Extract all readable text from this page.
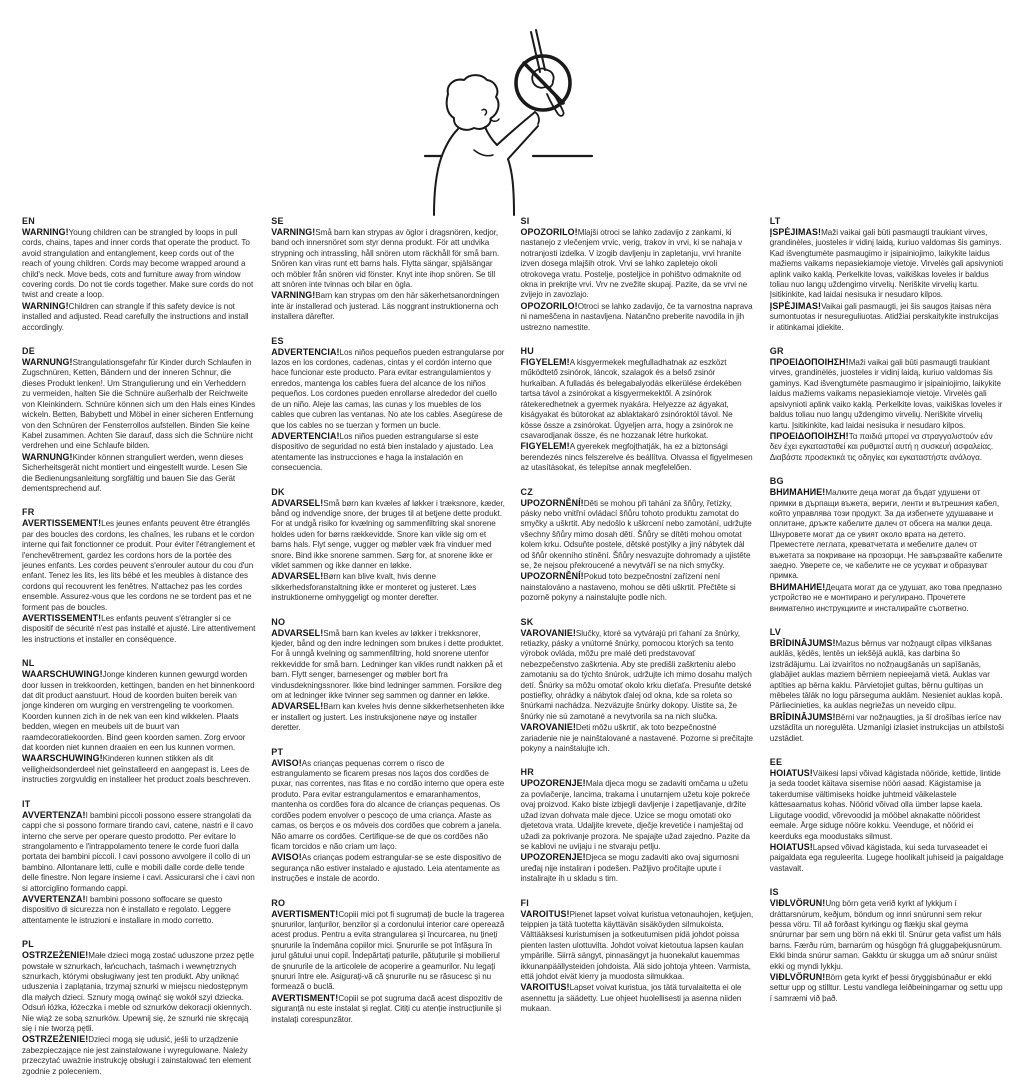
EN

WARNING!Young children can be strangled by loops in pull cords, chains, tapes and inner cords that operate the product. To avoid strangulation and entanglement, keep cords out of the reach of young children. Cords may become wrapped around a child's neck. Move beds, cots and furniture away from window covering cords. Do not tie cords together. Make sure cords do not twist and create a loop.

WARNING!Children can strangle if this safety device is not installed and adjusted. Read carefully the instructions and install accordingly.

DE

WARNUNG!Strangulationsgefahr für Kinder durch Schlaufen in Zugschnüren, Ketten, Bändern und der inneren Schnur, die dieses Produkt lenken!. Um Strangulierung und ein Verheddern zu vermeiden, halten Sie die Schnüre außerhalb der Reichweite von Kleinkindern. Schnüre können sich um den Hals eines Kindes wickeln. Betten, Babybett und Möbel in einer sicheren Entfernung von den Schnüren der Fensterrollos aufstellen. Binden Sie keine Kabel zusammen. Achten Sie darauf, dass sich die Schnüre nicht verdrehen und eine Schlaufe bilden.

WARNUNG!Kinder können stranguliert werden, wenn dieses Sicherheitsgerät nicht montiert und eingestellt wurde. Lesen Sie die Bedienungsanleitung sorgfältig und bauen Sie das Gerät dementsprechend auf.

FR

AVERTISSEMENT!Les jeunes enfants peuvent être étranglés par des boucles des cordons, les chaînes, les rubans et le cordon interne qui fait fonctionner ce produit. Pour éviter l'étranglement et l'enchevêtrement, gardez les cordons hors de la portée des jeunes enfants. Les cordes peuvent s'enrouler autour du cou d'un enfant. Tenez les lits, les lits bébé et les meubles à distance des cordons qui recouvrent les fenêtres. N'attachez pas les cordes ensemble. Assurez-vous que les cordons ne se tordent pas et ne forment pas de boucles.

AVERTISSEMENT!Les enfants peuvent s'étrangler si ce dispositif de sécurité n'est pas installé et ajusté. Lire attentivement les instructions et installer en conséquence.

NL

WAARSCHUWING!Jonge kinderen kunnen gewurgd worden door lussen in trekkoorden, kettingen, banden en het binnenkoord dat dit product aanstuurt. Houd de koorden buiten bereik van jonge kinderen om wurging en verstrengeling te voorkomen. Koorden kunnen zich in de nek van een kind wikkelen. Plaats bedden, wiegen en meubels uit de buurt van raamdecoratiekoorden. Bind geen koorden samen. Zorg ervoor dat koorden niet kunnen draaien en een lus kunnen vormen.

WAARSCHUWING!Kinderen kunnen stikken als dit veiligheidsonderdeel niet geïnstalleerd en aangepast is. Lees de instructies zorgvuldig en installeer het product zoals beschreven.

IT

AVVERTENZA!I bambini piccoli possono essere strangolati da cappi che si possono formare tirando cavi, catene, nastri e il cavo interno che serve per operare questo prodotto. Per evitare lo strangolamento e l'intrappolamento tenere le corde fuori dalla portata dei bambini piccoli. I cavi possono avvolgere il collo di un bambino. Allontanare letti, culle e mobili dalle corde delle tende delle finestre. Non legare insieme i cavi. Assicurarsi che i cavi non si attorciglino formando cappi.

AVVERTENZA!I bambini possono soffocare se questo dispositivo di sicurezza non è installato e regolato. Leggere attentamente le istruzioni e installare in modo corretto.

PL

OSTRZEŻENIE!Małe dzieci mogą zostać uduszone przez pętle powstałe w sznurkach, łańcuchach, taśmach i wewnętrznych sznurkach, którymi obsługiwany jest ten produkt. Aby uniknąć uduszenia i zaplątania, trzymaj sznurki w miejscu niedostępnym dla małych dzieci. Sznury mogą owinąć się wokół szyi dziecka. Odsuń łóżka, łóżeczka i meble od sznurków dekoracji okiennych. Nie wiąż ze sobą sznurków. Upewnij się, że sznurki nie skręcają się i nie tworzą pętli.

OSTRZEŻENIE!Dzieci mogą się udusić, jeśli to urządzenie zabezpieczające nie jest zainstalowane i wyregulowane. Należy przeczytać uważnie instrukcję obsługi i zainstalować ten element zgodnie z poleceniem.

SE

VARNING!Små barn kan strypas av öglor i dragsnören, kedjor, band och innersnöret som styr denna produkt. För att undvika strypning och intrassling, håll snören utom räckhåll för små barn. Snören kan viras runt ett barns hals. Flytta sängar, spjälsängar och möbler från snören vid fönster. Knyt inte ihop snören. Se till att snören inte tvinnas och bilar en ögla.

VARNING!Barn kan strypas om den här säkerhetsanordningen inte är installerad och justerad. Läs noggrant instruktionerna och installera därefter.

ES

ADVERTENCIA!Los niños pequeños pueden estrangularse por lazos en los cordones, cadenas, cintas y el cordón interno que hace funcionar este producto. Para evitar estrangulamientos y enredos, mantenga los cables fuera del alcance de los niños pequeños. Los cordones pueden enrollarse alrededor del cuello de un niño. Aleje las camas, las cunas y los muebles de los cables que cubren las ventanas. No ate los cables. Asegúrese de que los cables no se tuerzan y formen un bucle.

ADVERTENCIA!Los niños pueden estrangularse si este dispositivo de seguridad no está bien instalado y ajustado. Lea atentamente las instrucciones e haga la instalación en consecuencia.

DK

ADVARSEL!Små børn kan kvæles af løkker i træksnore, kæder, bånd og indvendige snore, der bruges til at betjene dette produkt. For at undgå risiko for kvælning og sammenfiltring skal snorene holdes uden for børns rækkevidde. Snore kan vikle sig om et barns hals. Flyt senge, vugger og møbler væk fra vinduer med snore. Bind ikke snorene sammen. Sørg for, at snorene ikke er viklet sammen og ikke danner en løkke.

ADVARSEL!Børn kan blive kvalt, hvis denne sikkerhedsforanstaltning ikke er monteret og justeret. Læs instruktionerne omhyggeligt og monter derefter.

NO

ADVARSEL!Små barn kan kveles av løkker i trekksnorer, kjeder, bånd og den indre ledningen som brukes i dette produktet. For å unngå kvelning og sammenfiltring, hold snorene utenfor rekkevidde for små barn. Ledninger kan vikles rundt nakken på et barn. Flytt senger, barnesenger og møbler bort fra vindusdekningssnorer. Ikke bind ledninger sammen. Forsikre deg om at ledninger ikke tvinner seg sammen og danner en løkke.

ADVARSEL!Barn kan kveles hvis denne sikkerhetsenheten ikke er installert og justert. Les instruksjonene nøye og installer deretter.

PT

AVISO!As crianças pequenas correm o risco de estrangulamento se ficarem presas nos laços dos cordões de puxar, nas correntes, nas fitas e no cordão interno que opera este produto. Para evitar estrangulamentos e emaranhamentos, mantenha os cordões fora do alcance de crianças pequenas. Os cordões podem envolver o pescoço de uma criança. Afaste as camas, os berços e os móveis dos cordões que cobrem a janela. Não amarre os cordões. Certifique-se de que os cordões não ficam torcidos e não criam um laço.

AVISO!As crianças podem estrangular-se se este dispositivo de segurança não estiver instalado e ajustado. Leia atentamente as instruções e instale de acordo.

RO

AVERTISMENT!Copiii mici pot fi sugrumați de bucle la tragerea șnururilor, lanțurilor, benzilor și a cordonului interior care operează acest produs. Pentru a evita strangularea și încurcarea, nu țineți șnururile la îndemâna copiilor mici. Șnururile se pot înfășura în jurul gâtului unui copil. Îndepărtați paturile, pătuțurile și mobilierul de șnururile de la articolele de acoperire a geamurilor. Nu legați șnururi între ele. Asigurați-vă că șnururile nu se răsucesc și nu formează o buclă.

AVERTISMENT!Copiii se pot sugruma dacă acest dispozitiv de siguranță nu este instalat și reglat. Citiți cu atenție instrucțiunile și instalați corespunzător.

SI

OPOZORILO!Mlajši otroci se lahko zadavijo z zankami, ki nastanejo z vlečenjem vrvic, verig, trakov in vrvi, ki se nahaja v notranjosti izdelka. V izogib davljenju in zapletanju, vrvi hranite izven dosega mlajših otrok. Vrvi se lahko zapletejo okoli otrokovega vratu. Postelje, posteljice in pohištvo odmaknite od okna in prekrijte vrvi. Vrv ne zvežite skupaj. Pazite, da se vrvi ne zvijejo in zavozlajo.

OPOZORILO!Otroci se lahko zadavijo, če ta varnostna naprava ni nameščena in nastavljena. Natančno preberite navodila in jih ustrezno namestite.

HU

FIGYELEM!A kisgyermekek megfulladhatnak az eszközt működtető zsinórok, láncok, szalagok és a belső zsinór hurkaiban. A fulladás és belegabalyodás elkerülése érdekében tartsa távol a zsinórokat a kisgyermekektől. A zsinórok rátekeredhetnek a gyermek nyakára. Helyezze az ágyakat, kiságyakat és bútorokat az ablaktakaró zsinóroktól távol. Ne kösse össze a zsinórokat. Ügyeljen arra, hogy a zsinórok ne csavarodjanak össze, és ne hozzanak létre hurkokat.

FIGYELEM!A gyerekek megfojthatják, ha ez a biztonsági berendezés nincs felszerelve és beállítva. Olvassa el figyelmesen az utasításokat, és telepítse annak megfelelően.

CZ

UPOZORNĚNÍ!Děti se mohou při tahání za šňůry, řetízky, pásky nebo vnitřní ovládací šňůru tohoto produktu zamotat do smyčky a uškrtit. Aby nedošlo k uškrcení nebo zamotání, udržujte všechny šňůry mimo dosah dětí. Šňůry se dítěti mohou omotat kolem krku. Odsuňte postele, dětské postýlky a jiný nábytek dál od šňůr okenního stínění. Šňůry nesvazujte dohromady a ujistěte se, že nejsou překroucené a nevytváří se na nich smyčky.

UPOZORNĚNÍ!Pokud toto bezpečnostní zařízení není nainstalováno a nastaveno, mohou se děti uškrtit. Přečtěte si pozorně pokyny a nainstalujte podle nich.

SK

VAROVANIE!Slučky, ktoré sa vytvárajú pri ťahaní za šnúrky, retiazky, pásky a vnútorné šnúrky, pomocou ktorých sa tento výrobok ovláda, môžu pre malé deti predstavovať nebezpečenstvo zaškrtenia. Aby ste predišli zaškrteniu alebo zamotaniu sa do týchto šnúrok, udržujte ich mimo dosahu malých detí. Šnúrky sa môžu omotať okolo krku dieťaťa. Presuňte detské postieľky, ohrádky a nábytok ďalej od okna, kde sa roleta so šnúrkami nachádza. Nezväzujte šnúrky dokopy. Uistite sa, že šnúrky nie sú zamotané a nevytvorila sa na nich slučka.

VAROVANIE!Deti môžu uškrtiť, ak toto bezpečnostné zariadenie nie je nainštalované a nastavené. Pozorne si prečítajte pokyny a nainštalujte ich.

HR

UPOZORENJE!Mala djeca mogu se zadaviti omčama u užetu za povlačenje, lancima, trakama i unutarnjem užetu koje pokreće ovaj proizvod. Kako biste izbjegli davljenje i zapetljavanje, držite užad izvan dohvata male djece. Uzice se mogu omotati oko djetetova vrata. Udaljite krevete, dječje krevetiće i namještaj od užadi za pokrivanje prozora. Ne spajajte užad zajedno. Pazite da se kablovi ne uvijaju i ne stvaraju petlju.

UPOZORENJE!Djeca se mogu zadaviti ako ovaj sigurnosni uređaj nije instaliran i podešen. Pažljivo pročitajte upute i instalirajte ih u skladu s tim.

FI

VAROITUS!Pienet lapset voivat kuristua vetonauhojen, ketjujen, teippien ja tätä tuotetta käyttävän sisäköyden silmukoista. Välttääksesi kuristumisen ja sotkeutumisen pidä johdot poissa pienten lasten ulottuvilta. Johdot voivat kietoutua lapsen kaulan ympärille. Siirrä sängyt, pinnasängyt ja huonekalut kauemmas ikkunanpäällysteiden johdoista. Älä sido johtoja yhteen. Varmista, että johdot eivät kierry ja muodosta silmukkaa.

VAROITUS!Lapset voivat kuristua, jos tätä turvalaitetta ei ole asennettu ja säädetty. Lue ohjeet huolellisesti ja asenna niiden mukaan.

LT

ĮSPĖJIMAS!Maži vaikai gali būti pasmaugti traukiant virves, grandinėles, juosteles ir vidinį laidą, kuriuo valdomas šis gaminys. Kad išvengtumėte pasmaugimo ir įsipainiojimo, laikykite laidus mažiems vaikams nepasiekiamoje vietoje. Virvelės gali apsivynioti aplink vaiko kaklą. Perkelkite lovas, vaikiškas loveles ir baldus toliau nuo langų uždengimo virvelių. Neriškite virvelių kartu. Įsitikinkite, kad laidai nesisuka ir nesudaro kilpos.

ĮSPĖJIMAS!Vaikai gali pasmaugti, jei šis saugos įtaisas nėra sumontuotas ir nesureguliuotas. Atidžiai perskaitykite instrukcijas ir atitinkamai įdiekite.

GR

ΠΡΟΕΙΔΟΠΟΙΗΣΗ!Maži vaikai gali būti pasmaugti traukiant virves, grandinėlės, juosteles ir vidinį laidą, kuriuo valdomas šis gaminys. Kad išvengtumėte pasmaugimo ir įsipainiojimo, laikykite laidus mažiems vaikams nepasiekiamoje vietoje. Virvelės gali apsivynioti aplink vaiko kaklą. Perkelkite lovas, vaikiškas loveles ir baldus toliau nuo langų uždengimo virvelių. Neriškite virvelių kartu. Įsitikinkite, kad laidai nesisuka ir nesudaro kilpos.

ΠΡΟΕΙΔΟΠΟΙΗΣΗ!Τα παιδιά μπορεί να στραγγαλιστούν εάν δεν έχει εγκατασταθεί και ρυθμιστεί αυτή η συσκευή ασφαλείας. Διαβάστε προσεκτικά τις οδηγίες και εγκαταστήστε ανάλογα.

BG

ВНИМАНИЕ!Малките деца могат да бъдат удушени от примки в дърпащи въжета, вериги, ленти и вътрешния кабел, който управлява този продукт. За да избегнете удушаване и оплитане, дръжте кабелите далеч от обсега на малки деца. Шнуровете могат да се увият около врата на детето. Преместете леглата, креватчетата и мебелите далеч от въжетата за покриване на прозорци. Не завързвайте кабелите заедно. Уверете се, че кабелите не се усукват и образуват примка.

ВНИМАНИЕ!Децата могат да се удушат, ако това предпазно устройство не е монтирано и регулирано. Прочетете внимателно инструкциите и инсталирайте съответно.

LV

BRĪDINĀJUMS!Mazus bērnus var nožņaugt cilpas vilkšanas auklās, ķēdēs, lentēs un iekšējā auklā, kas darbina šo izstrādājumu. Lai izvairītos no nožņaugšanās un sapīšanās, glabājiet auklas maziem bērniem nepieejamā vietā. Auklas var aptīties ap bērna kaklu. Pārvietojiet gultas, bērnu gultiņas un mēbeles tālāk no logu pārseguma auklām. Nesieniet auklas kopā. Pārliecinieties, ka auklas negriežas un neveido cilpu.

BRĪDINĀJUMS!Bērni var nožņaugties, ja šī drošības ierīce nav uzstādīta un noregulēta. Uzmanīgi izlasiet instrukcijas un atbilstoši uzstādiet.

EE

HOIATUS!Väikesi lapsi võivad kägistada nööride, kettide, lintide ja seda toodet käitava sisemise nööri aasad. Kägistamise ja takerdumise vältimiseks hoidke juhtmeid väikelastele kättesaamatus kohas. Nöörid võivad olla ümber lapse kaela. Liigutage voodid, võrevoodid ja mööbel aknakatte nööridest eemale. Ärge siduge nööre kokku. Veenduge, et nöörid ei keerduks ega moodustaks silmust.

HOIATUS!Lapsed võivad kägistada, kui seda turvaseadet ei paigaldata ega reguleerita. Lugege hoolikalt juhiseid ja paigaldage vastavalt.

IS

VIÐLVÖRUN!Ung börn geta verið kyrkt af lykkjum í dráttarsnúrum, keðjum, böndum og innri snúrunni sem rekur þessa vöru. Til að forðast kyrkingu og flækju skal geyma snúrurnar þar sem ung börn ná ekki til. Snúrur geta vafist um háls barns. Færðu rúm, barnarúm og húsgögn frá gluggaþekjusnúrum. Ekki binda snúrur saman. Gakktu úr skugga um að snúrur snúist ekki og myndi lykkju.

VIÐLVÖRUN!Börn geta kyrkt ef þessi öryggisbúnaður er ekki settur upp og stilltur. Lestu vandlega leiðbeiningarnar og settu upp í samræmi við það.
